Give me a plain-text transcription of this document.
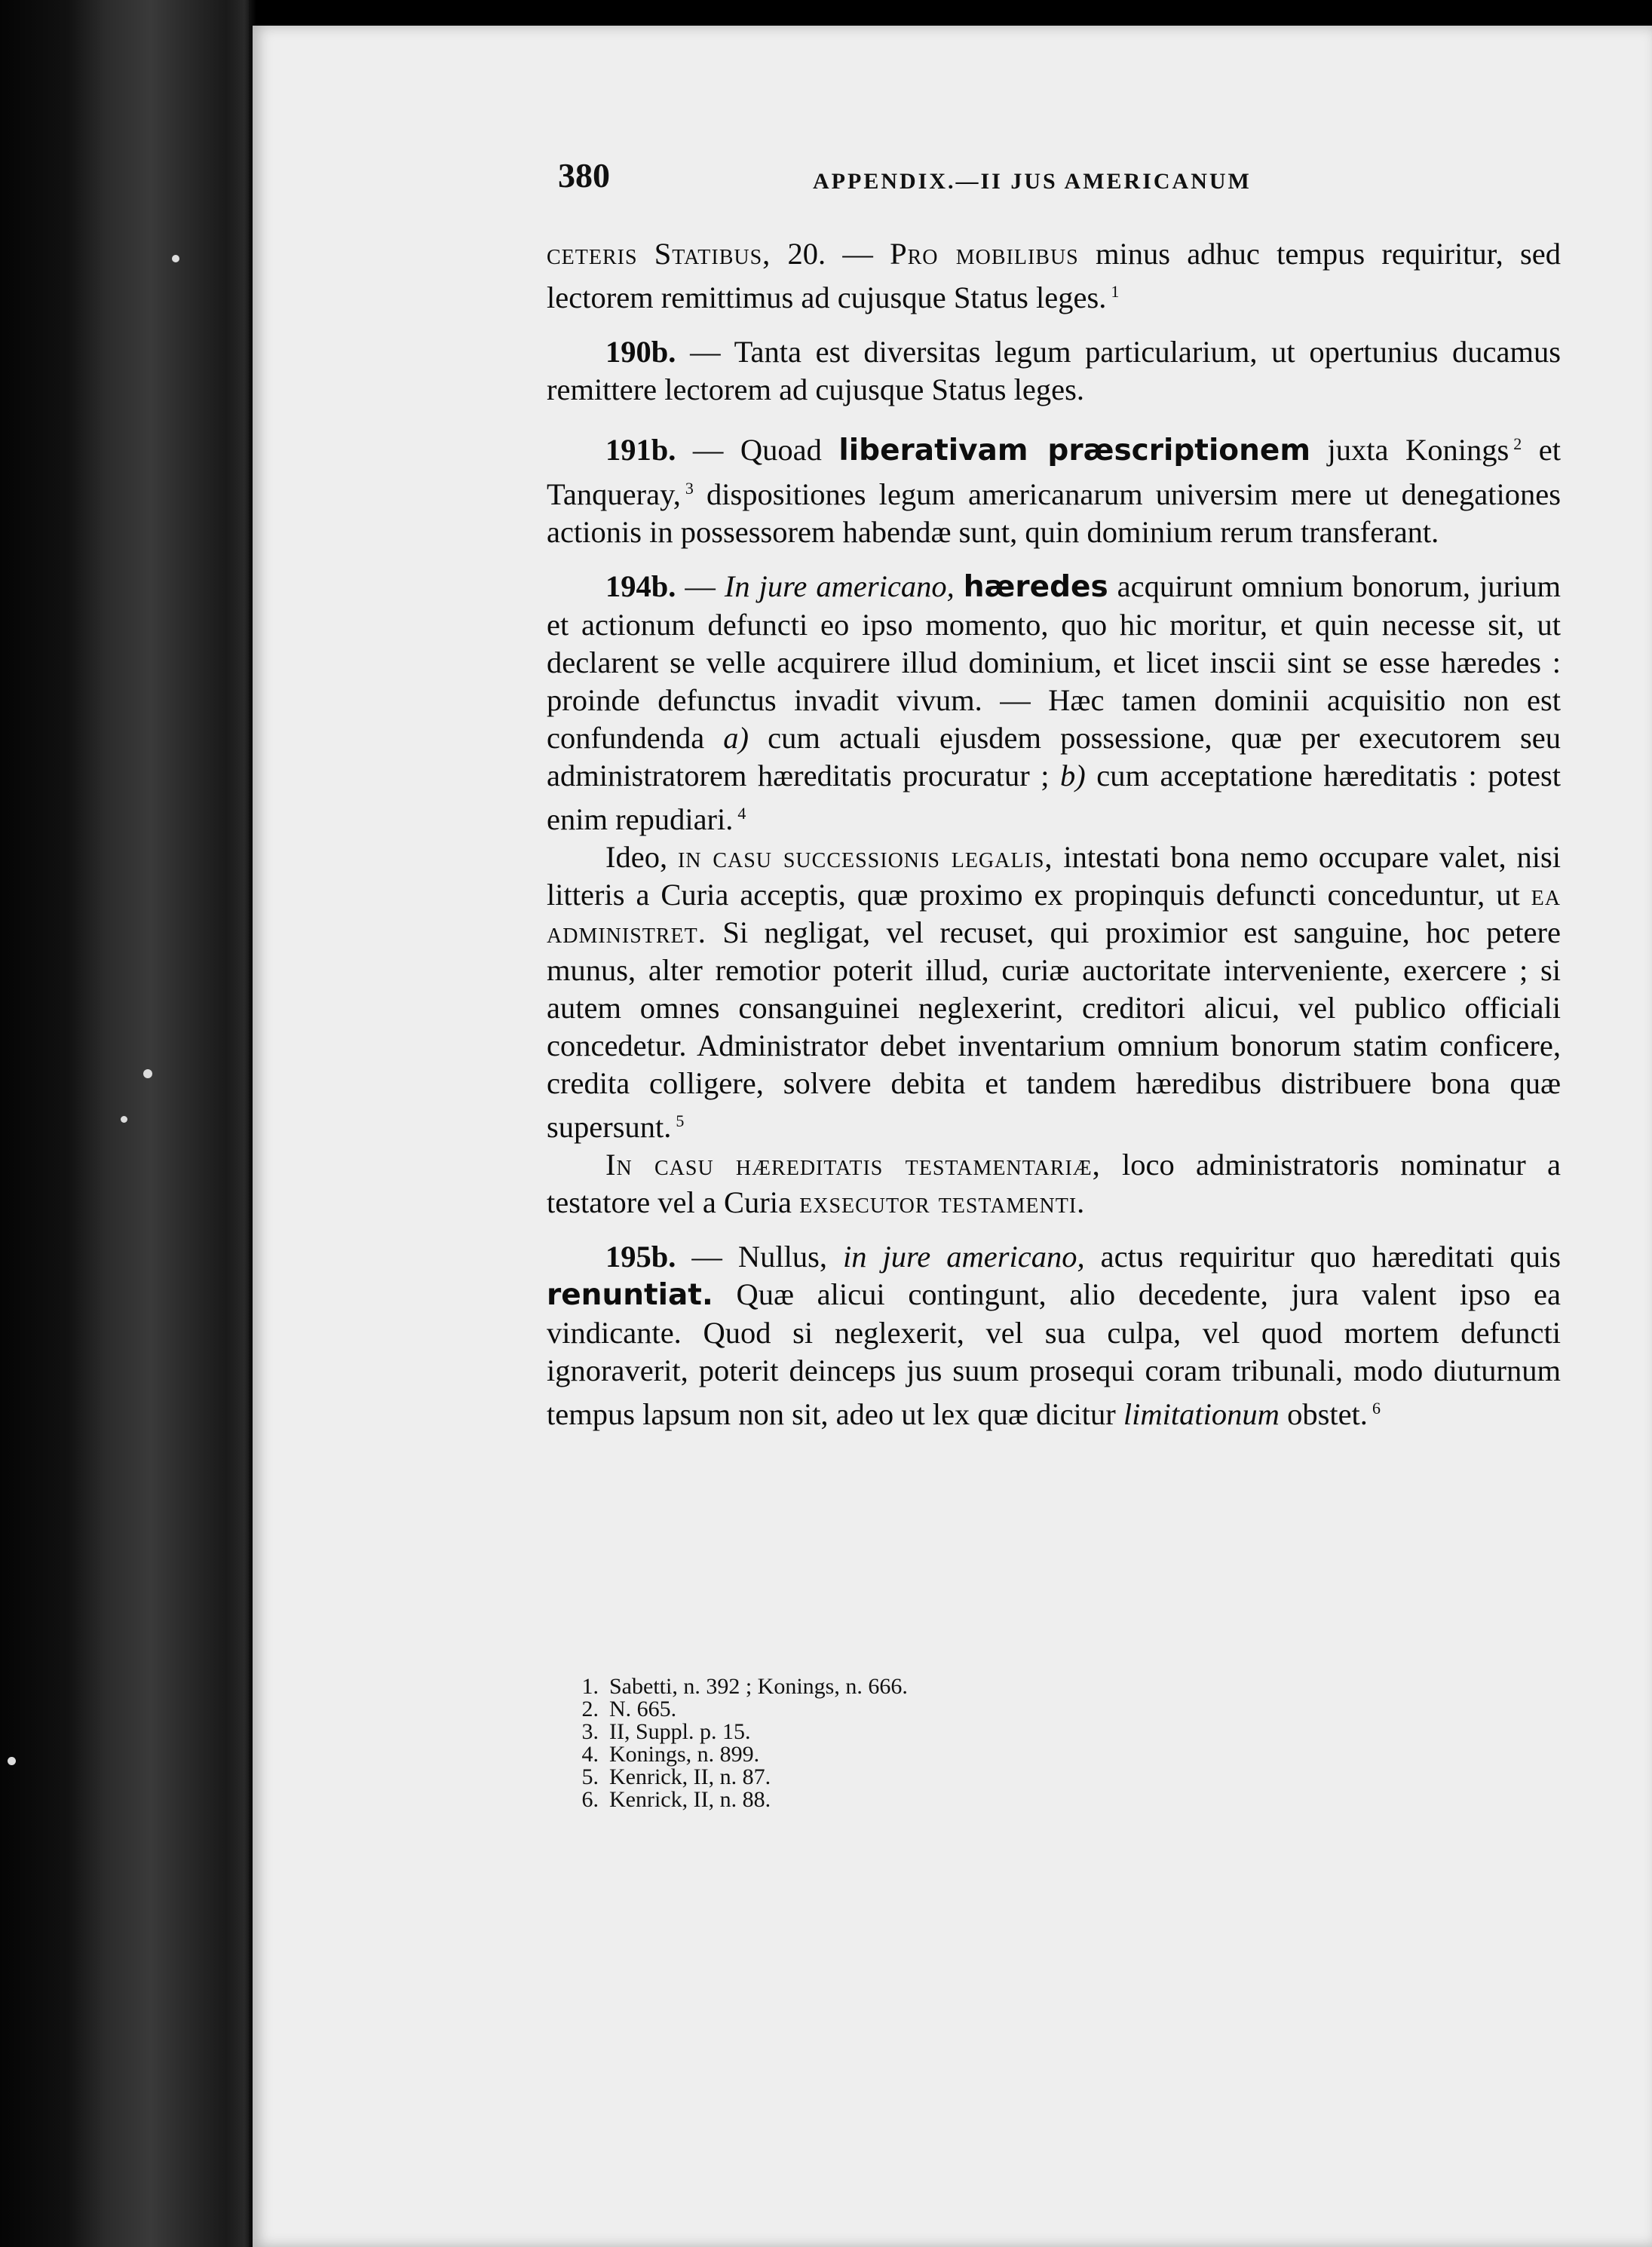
380	APPENDIX.—II JUS AMERICANUM

ceteris Statibus, 20. — Pro mobilibus minus adhuc tempus requiritur, sed lectorem remittimus ad cujusque Status leges. $^1$

190b. — Tanta est diversitas legum particularium, ut opertunius ducamus remittere lectorem ad cujusque Status leges.

191b. — Quoad liberativam præscriptionem juxta Konings $^2$ et Tanqueray, $^3$ dispositiones legum americanarum universim mere ut denegationes actionis in possessorem habendæ sunt, quin dominium rerum transferant.

194b. — In jure americano, hæredes acquirunt omnium bonorum, jurium et actionum defuncti eo ipso momento, quo hic moritur, et quin necesse sit, ut declarent se velle acquirere illud dominium, et licet inscii sint se esse hæredes : proinde defunctus invadit vivum. — Hæc tamen dominii acquisitio non est confundenda a) cum actuali ejusdem possessione, quæ per executorem seu administratorem hæreditatis procuratur ; b) cum acceptatione hæreditatis : potest enim repudiari. $^4$

Ideo, in casu successionis legalis, intestati bona nemo occupare valet, nisi litteris a Curia acceptis, quæ proximo ex propinquis defuncti conceduntur, ut ea administret. Si negligat, vel recuset, qui proximior est sanguine, hoc petere munus, alter remotior poterit illud, curiæ auctoritate interveniente, exercere ; si autem omnes consanguinei neglexerint, creditori alicui, vel publico officiali concedetur. Administrator debet inventarium omnium bonorum statim conficere, credita colligere, solvere debita et tandem hæredibus distribuere bona quæ supersunt. $^5$

In casu hæreditatis testamentariæ, loco administratoris nominatur a testatore vel a Curia exsecutor testamenti.

195b. — Nullus, in jure americano, actus requiritur quo hæreditati quis renuntiat. Quæ alicui contingunt, alio decedente, jura valent ipso ea vindicante. Quod si neglexerit, vel sua culpa, vel quod mortem defuncti ignoraverit, poterit deinceps jus suum prosequi coram tribunali, modo diuturnum tempus lapsum non sit, adeo ut lex quæ dicitur limitationum obstet. $^6$

1. Sabetti, n. 392 ; Konings, n. 666.
2. N. 665.
3. II, Suppl. p. 15.
4. Konings, n. 899.
5. Kenrick, II, n. 87.
6. Kenrick, II, n. 88.
